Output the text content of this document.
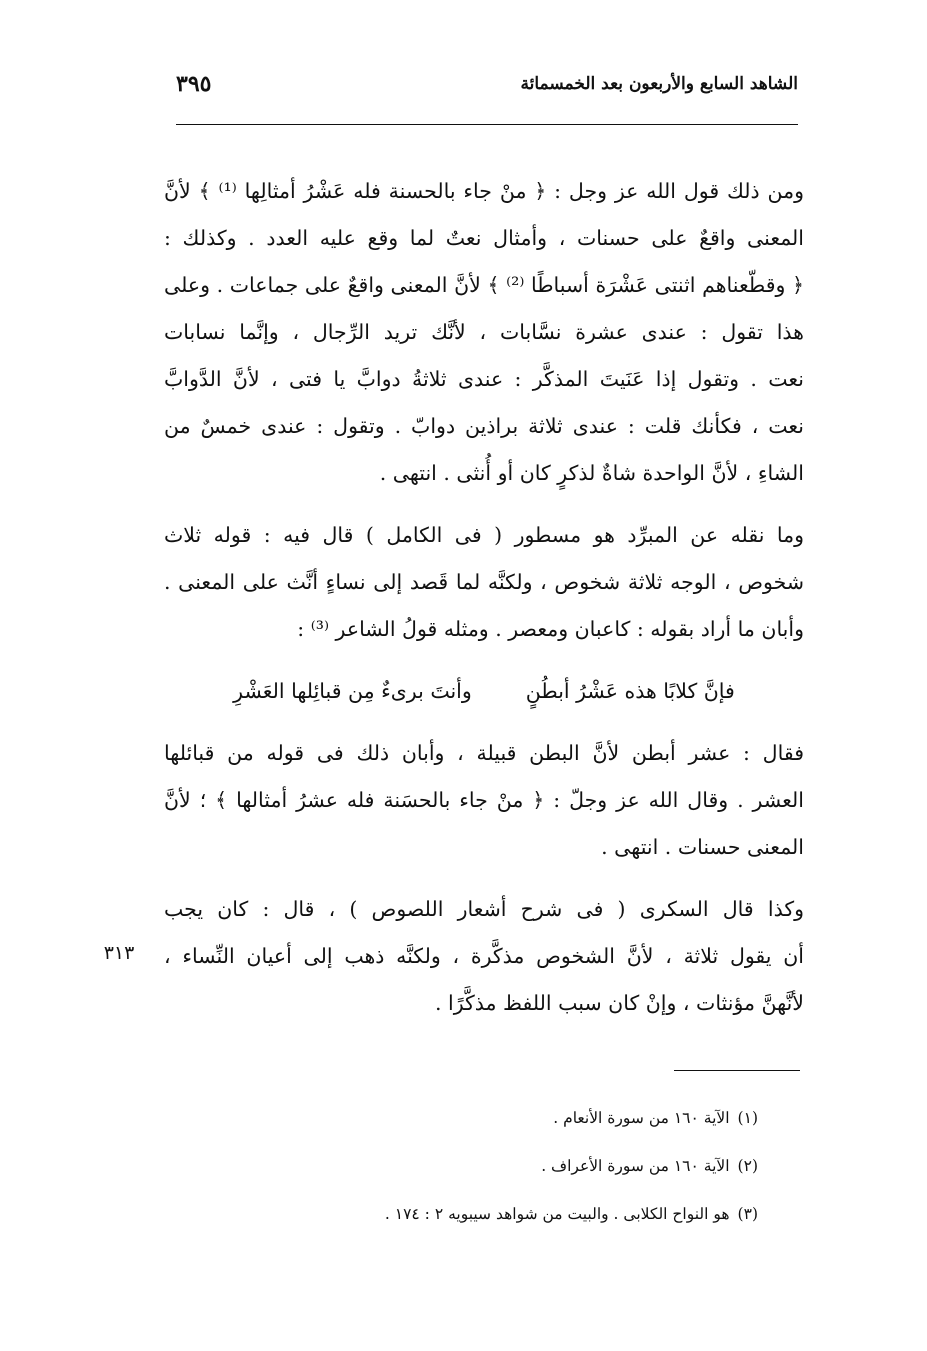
الشاهد السابع والأربعون بعد الخمسمائة
٣٩٥

ومن ذلك قول الله عز وجل : ﴿ منْ جاء بالحسنة فله عَشْرُ أمثالِها ⁽¹⁾ ﴾ لأنَّ
المعنى واقعٌ على حسنات ، وأمثال نعتٌ لما وقع عليه العدد . وكذلك :
﴿ وقطّعناهم اثنتى عَشْرَة أسباطًا ⁽²⁾ ﴾ لأنَّ المعنى واقعٌ على جماعات . وعلى
هذا تقول : عندى عشرة نسَّابات ، لأنَّك تريد الرِّجال ، وإنَّما نسابات
نعت . وتقول إذا عَنَيتَ المذكَّر : عندى ثلاثةُ دوابَّ يا فتى ، لأنَّ الدَّوابَّ
نعت ، فكأنك قلت : عندى ثلاثة براذين دوابّ . وتقول : عندى خمسٌ من
الشاءِ ، لأنَّ الواحدة شاةٌ لذكرٍ كان أو أُنثى . انتهى .

وما نقله عن المبرِّد هو مسطور ( فى الكامل ) قال فيه : قوله ثلاث
شخوص ، الوجه ثلاثة شخوص ، ولكنَّه لما قَصد إلى نساءٍ أنَّث على المعنى .
وأبان ما أراد بقوله : كاعبان ومعصر . ومثله قولُ الشاعر ⁽³⁾ :

فإنَّ كلابًا هذه عَشْرُ أبطُنٍ
وأنتَ برىءٌ مِن قبائِلها العَشْرِ

فقال : عشر أبطن لأنَّ البطن قبيلة ، وأبان ذلك فى قوله من قبائلها
العشر . وقال الله عز وجلّ : ﴿ منْ جاء بالحسَنة فله عشرُ أمثالها ﴾ ؛ لأنَّ
المعنى حسنات . انتهى .

وكذا قال السكرى ( فى شرح أشعار اللصوص ) ، قال : كان يجب
أن يقول ثلاثة ، لأنَّ الشخوص مذكَّرة ، ولكنَّه ذهب إلى أعيان النِّساء ،
لأنَّهنَّ مؤنثات ، وإنْ كان سبب اللفظ مذكَّرًا .

٣١٣
(١)الآية ١٦٠ من سورة الأنعام .
(٢)الآية ١٦٠ من سورة الأعراف .
(٣)هو النواح الكلابى . والبيت من شواهد سيبويه ٢ : ١٧٤ .
